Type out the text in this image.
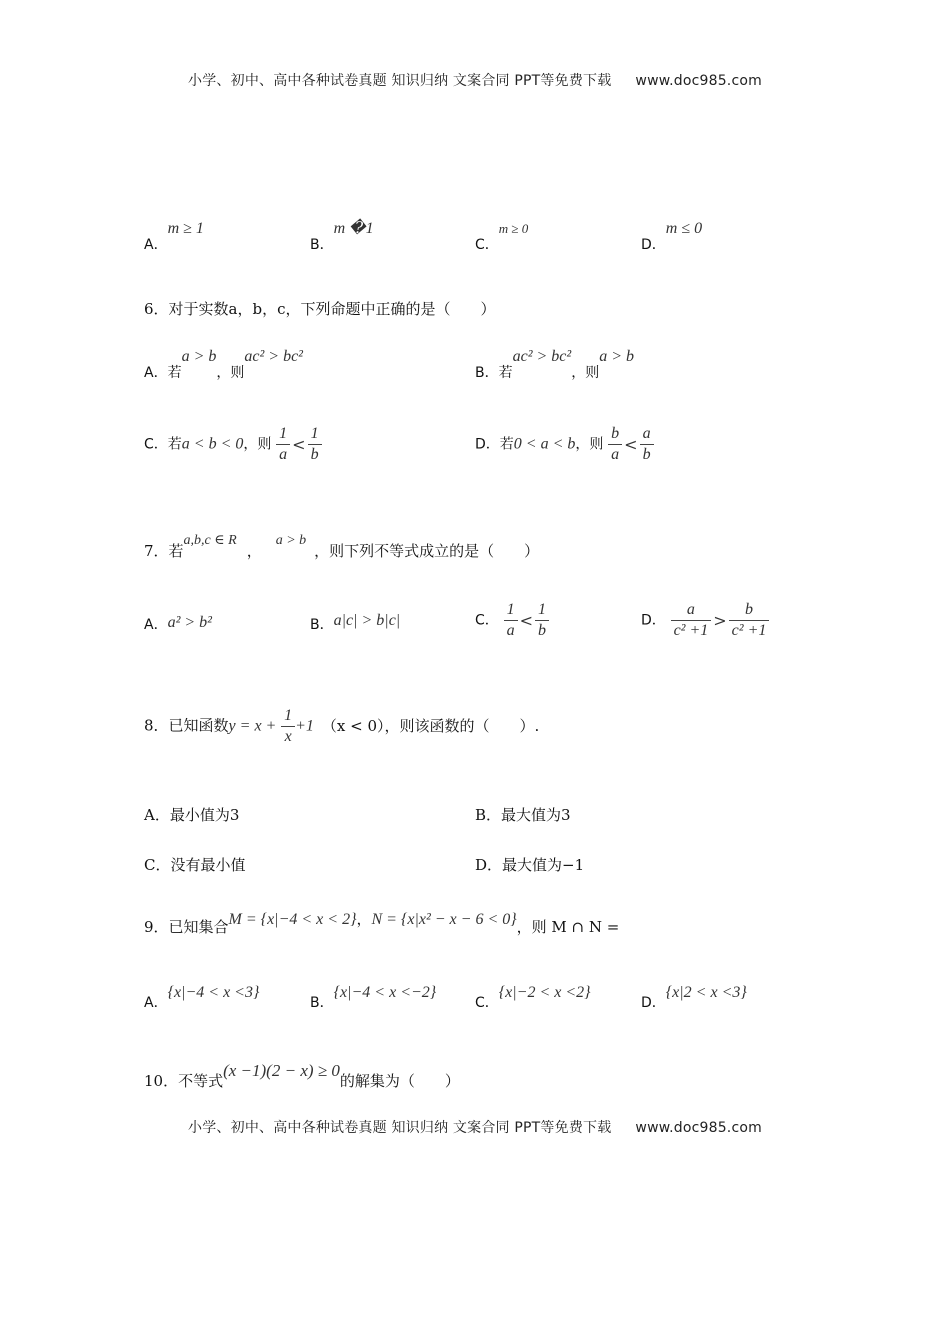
小学、初中、高中各种试卷真题 知识归纳 文案合同 PPT等免费下载 www.doc985.com
A．m ≥ 1
B．m �1
C．m ≥ 0
D．m ≤ 0
6．对于实数a，b，c，下列命题中正确的是（　　）
A．若a > b，则ac² > bc²
B．若ac² > bc²，则a > b
C．若a < b < 0，则 $\frac{1}{a} < \frac{1}{b}$	D．若0 < a < b，则 $\frac{b}{a} < \frac{a}{b}$
7．若a,b,c ∈ R，a > b，则下列不等式成立的是（　　）
A．a² > b²	B．a|c| > b|c|	C． $\frac{1}{a} < \frac{1}{b}$	D． $\frac{a}{\text{c² +1}} > \frac{b}{\text{c² +1}}$
8．已知函数$y = x + \frac{1}{x} +1$ （x < 0），则该函数的（　　）.
A．最小值为3	B．最大值为3
C．没有最小值	D．最大值为−1
9．已知集合M = {x|−4 < x < 2}，N = {x|x² − x − 6 < 0}，则 M ∩ N =
A．{x|−4 < x <3}
B．{x|−4 < x <−2}
C．{x|−2 < x <2}
D．{x|2 < x <3}
10．不等式(x −1)(2 − x) ≥ 0的解集为（　　）
小学、初中、高中各种试卷真题 知识归纳 文案合同 PPT等免费下载 www.doc985.com
